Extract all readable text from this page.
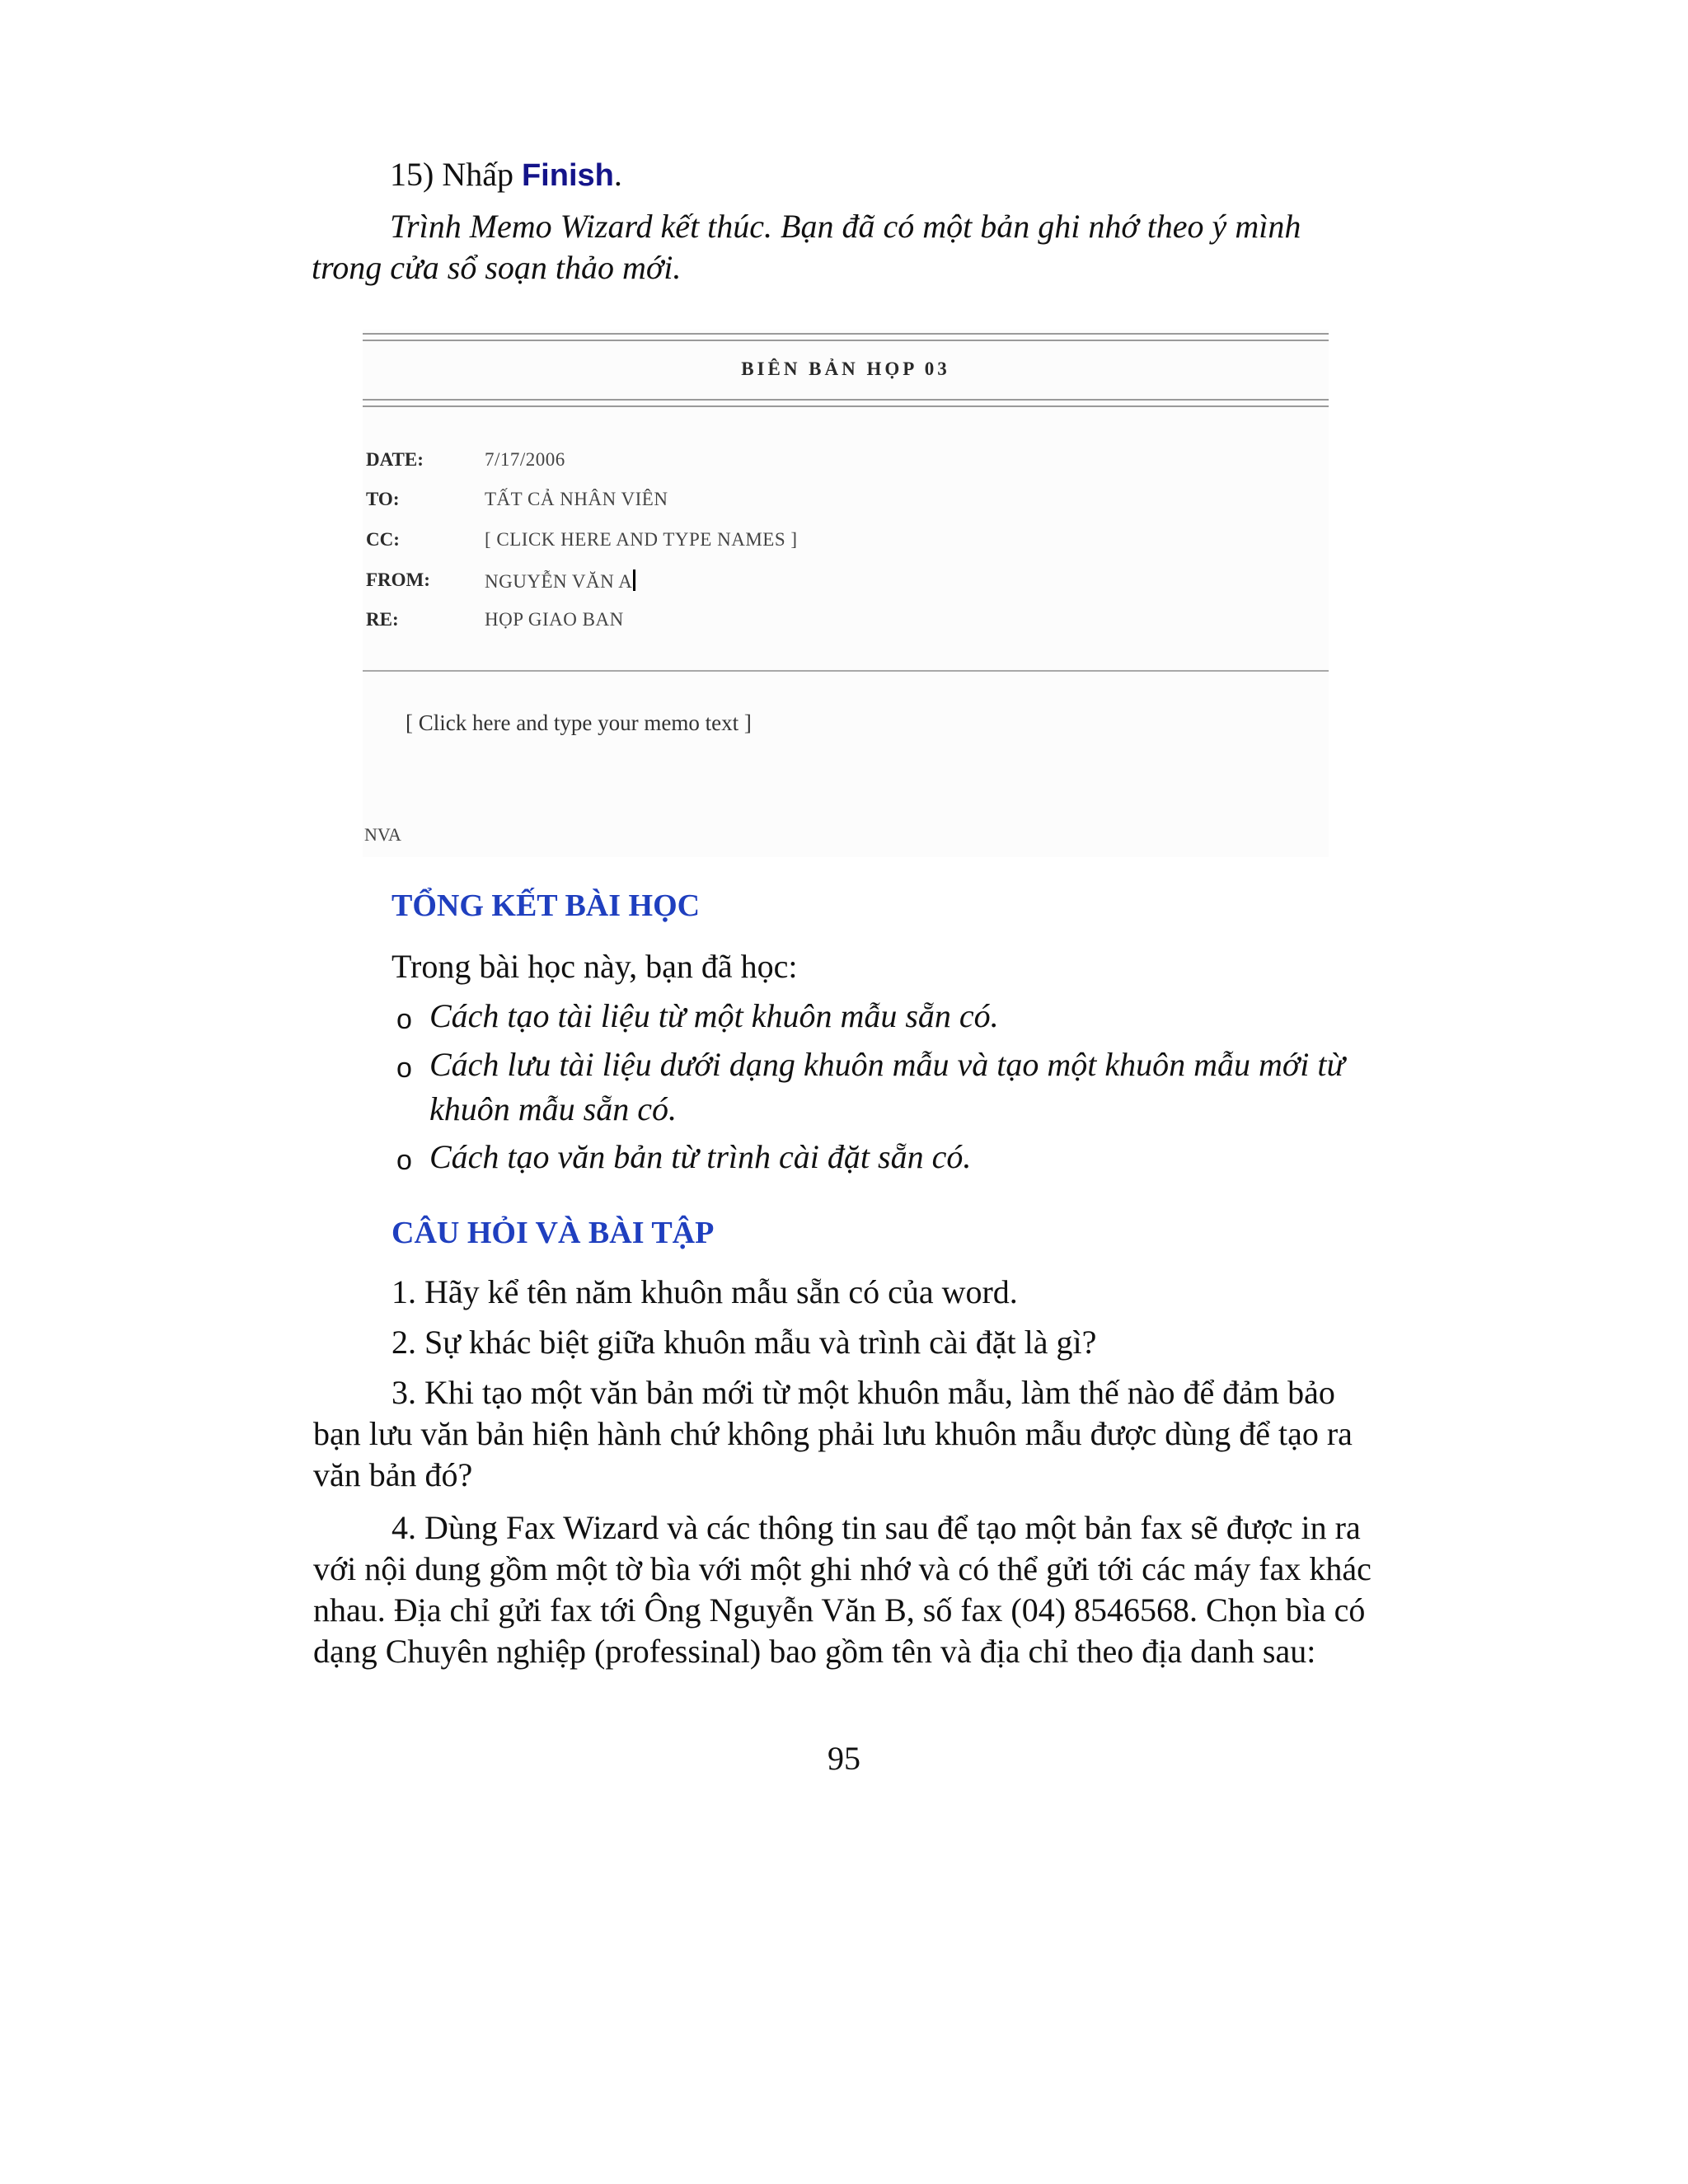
15) Nhấp Finish.
Trình Memo Wizard kết thúc. Bạn đã có một bản ghi nhớ theo ý mình
trong cửa sổ soạn thảo mới.
BIÊN BẢN HỌP 03
DATE:	7/17/2006
TO:	TẤT CẢ NHÂN VIÊN
CC:	[ CLICK HERE AND TYPE NAMES ]
FROM:	NGUYỄN VĂN A
RE:	HỌP GIAO BAN
[ Click here and type your memo text ]
NVA
TỔNG KẾT BÀI HỌC
Trong bài học này, bạn đã học:
o Cách tạo tài liệu từ một khuôn mẫu sẵn có.
o Cách lưu tài liệu dưới dạng khuôn mẫu và tạo một khuôn mẫu mới từ
khuôn mẫu sẵn có.
o Cách tạo văn bản từ trình cài đặt sẵn có.
CÂU HỎI VÀ BÀI TẬP
1. Hãy kể tên năm khuôn mẫu sẵn có của word.
2. Sự khác biệt giữa khuôn mẫu và trình cài đặt là gì?
3. Khi tạo một văn bản mới từ một khuôn mẫu, làm thế nào để đảm bảo
bạn lưu văn bản hiện hành chứ không phải lưu khuôn mẫu được dùng để tạo ra
văn bản đó?
4. Dùng Fax Wizard và các thông tin sau để tạo một bản fax sẽ được in ra
với nội dung gồm một tờ bìa với một ghi nhớ và có thể gửi tới các máy fax khác
nhau. Địa chỉ gửi fax tới Ông Nguyễn Văn B, số fax (04) 8546568. Chọn bìa có
dạng Chuyên nghiệp (professinal) bao gồm tên và địa chỉ theo địa danh sau:
95
